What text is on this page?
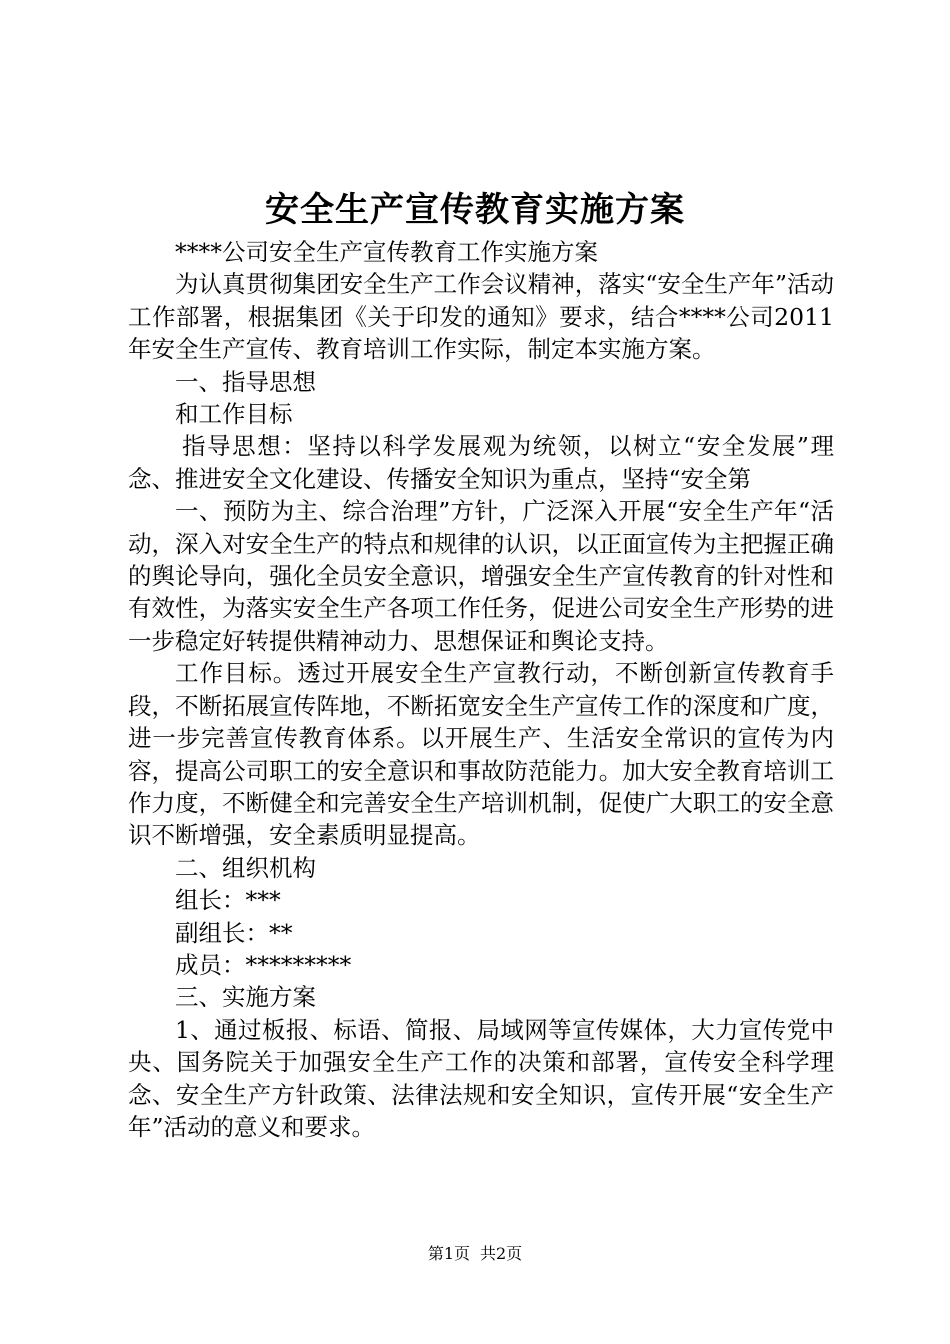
安全生产宣传教育实施方案

****公司安全生产宣传教育工作实施方案

为认真贯彻集团安全生产工作会议精神，落实“安全生产年”活动工作部署，根据集团《关于印发的通知》要求，结合****公司2011年安全生产宣传、教育培训工作实际，制定本实施方案。

一、指导思想

和工作目标

指导思想：坚持以科学发展观为统领，以树立“安全发展”理念、推进安全文化建设、传播安全知识为重点，坚持“安全第

一、预防为主、综合治理”方针，广泛深入开展“安全生产年“活动，深入对安全生产的特点和规律的认识，以正面宣传为主把握正确的舆论导向，强化全员安全意识，增强安全生产宣传教育的针对性和有效性，为落实安全生产各项工作任务，促进公司安全生产形势的进一步稳定好转提供精神动力、思想保证和舆论支持。

工作目标。透过开展安全生产宣教行动，不断创新宣传教育手段，不断拓展宣传阵地，不断拓宽安全生产宣传工作的深度和广度，进一步完善宣传教育体系。以开展生产、生活安全常识的宣传为内容，提高公司职工的安全意识和事故防范能力。加大安全教育培训工作力度，不断健全和完善安全生产培训机制，促使广大职工的安全意识不断增强，安全素质明显提高。

二、组织机构

组长：***

副组长：**

成员：*********

三、实施方案

1、通过板报、标语、简报、局域网等宣传媒体，大力宣传党中央、国务院关于加强安全生产工作的决策和部署，宣传安全科学理念、安全生产方针政策、法律法规和安全知识，宣传开展“安全生产年”活动的意义和要求。

第1页 共2页
